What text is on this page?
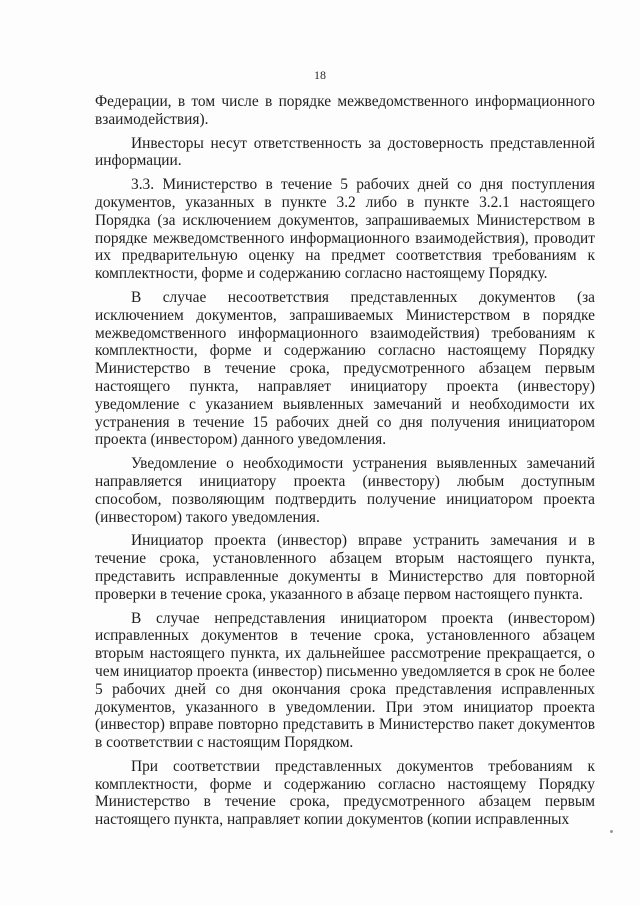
18

Федерации, в том числе в порядке межведомственного информационного взаимодействия).

Инвесторы несут ответственность за достоверность представленной информации.

3.3. Министерство в течение 5 рабочих дней со дня поступления документов, указанных в пункте 3.2 либо в пункте 3.2.1 настоящего Порядка (за исключением документов, запрашиваемых Министерством в порядке межведомственного информационного взаимодействия), проводит их предварительную оценку на предмет соответствия требованиям к комплектности, форме и содержанию согласно настоящему Порядку.

В случае несоответствия представленных документов (за исключением документов, запрашиваемых Министерством в порядке межведомственного информационного взаимодействия) требованиям к комплектности, форме и содержанию согласно настоящему Порядку Министерство в течение срока, предусмотренного абзацем первым настоящего пункта, направляет инициатору проекта (инвестору) уведомление с указанием выявленных замечаний и необходимости их устранения в течение 15 рабочих дней со дня получения инициатором проекта (инвестором) данного уведомления.

Уведомление о необходимости устранения выявленных замечаний направляется инициатору проекта (инвестору) любым доступным способом, позволяющим подтвердить получение инициатором проекта (инвестором) такого уведомления.

Инициатор проекта (инвестор) вправе устранить замечания и в течение срока, установленного абзацем вторым настоящего пункта, представить исправленные документы в Министерство для повторной проверки в течение срока, указанного в абзаце первом настоящего пункта.

В случае непредставления инициатором проекта (инвестором) исправленных документов в течение срока, установленного абзацем вторым настоящего пункта, их дальнейшее рассмотрение прекращается, о чем инициатор проекта (инвестор) письменно уведомляется в срок не более 5 рабочих дней со дня окончания срока представления исправленных документов, указанного в уведомлении. При этом инициатор проекта (инвестор) вправе повторно представить в Министерство пакет документов в соответствии с настоящим Порядком.

При соответствии представленных документов требованиям к комплектности, форме и содержанию согласно настоящему Порядку Министерство в течение срока, предусмотренного абзацем первым настоящего пункта, направляет копии документов (копии исправленных
